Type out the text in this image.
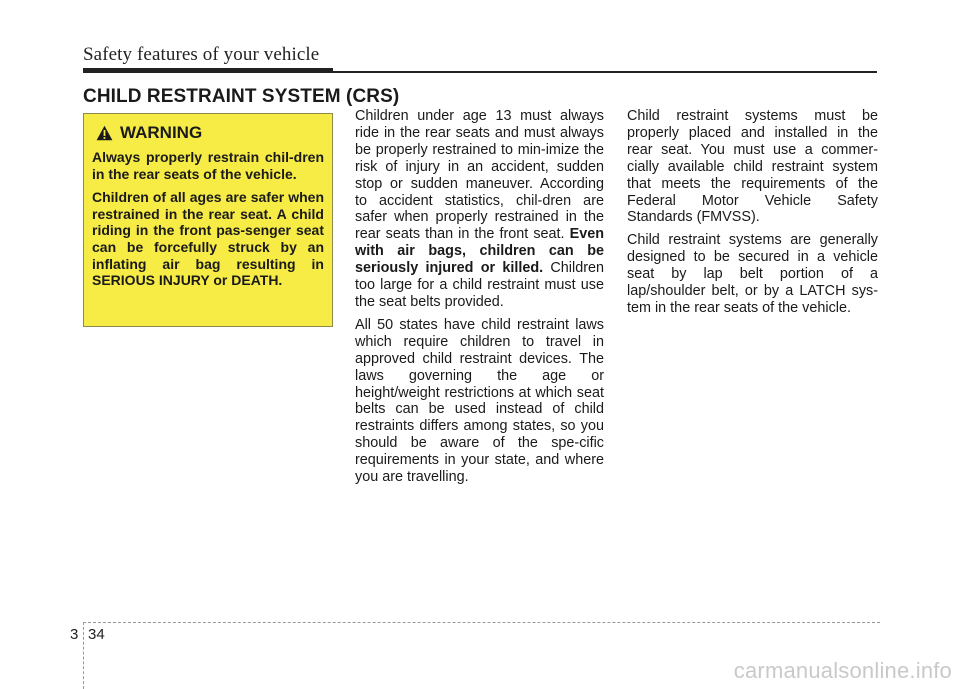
Safety features of your vehicle
CHILD RESTRAINT SYSTEM (CRS)
WARNING

Always properly restrain chil-dren in the rear seats of the vehicle.

Children of all ages are safer when restrained in the rear seat. A child riding in the front pas-senger seat can be forcefully struck by an inflating air bag resulting in SERIOUS INJURY or DEATH.

Children under age 13 must always ride in the rear seats and must always be properly restrained to min-imize the risk of injury in an accident, sudden stop or sudden maneuver. According to accident statistics, chil-dren are safer when properly restrained in the rear seats than in the front seat. Even with air bags, children can be seriously injured or killed. Children too large for a child restraint must use the seat belts provided.

All 50 states have child restraint laws which require children to travel in approved child restraint devices. The laws governing the age or height/weight restrictions at which seat belts can be used instead of child restraints differs among states, so you should be aware of the spe-cific requirements in your state, and where you are travelling.

Child restraint systems must be properly placed and installed in the rear seat. You must use a commer-cially available child restraint system that meets the requirements of the Federal Motor Vehicle Safety Standards (FMVSS).

Child restraint systems are generally designed to be secured in a vehicle seat by lap belt portion of a lap/shoulder belt, or by a LATCH sys-tem in the rear seats of the vehicle.

3 34
carmanualsonline.info
